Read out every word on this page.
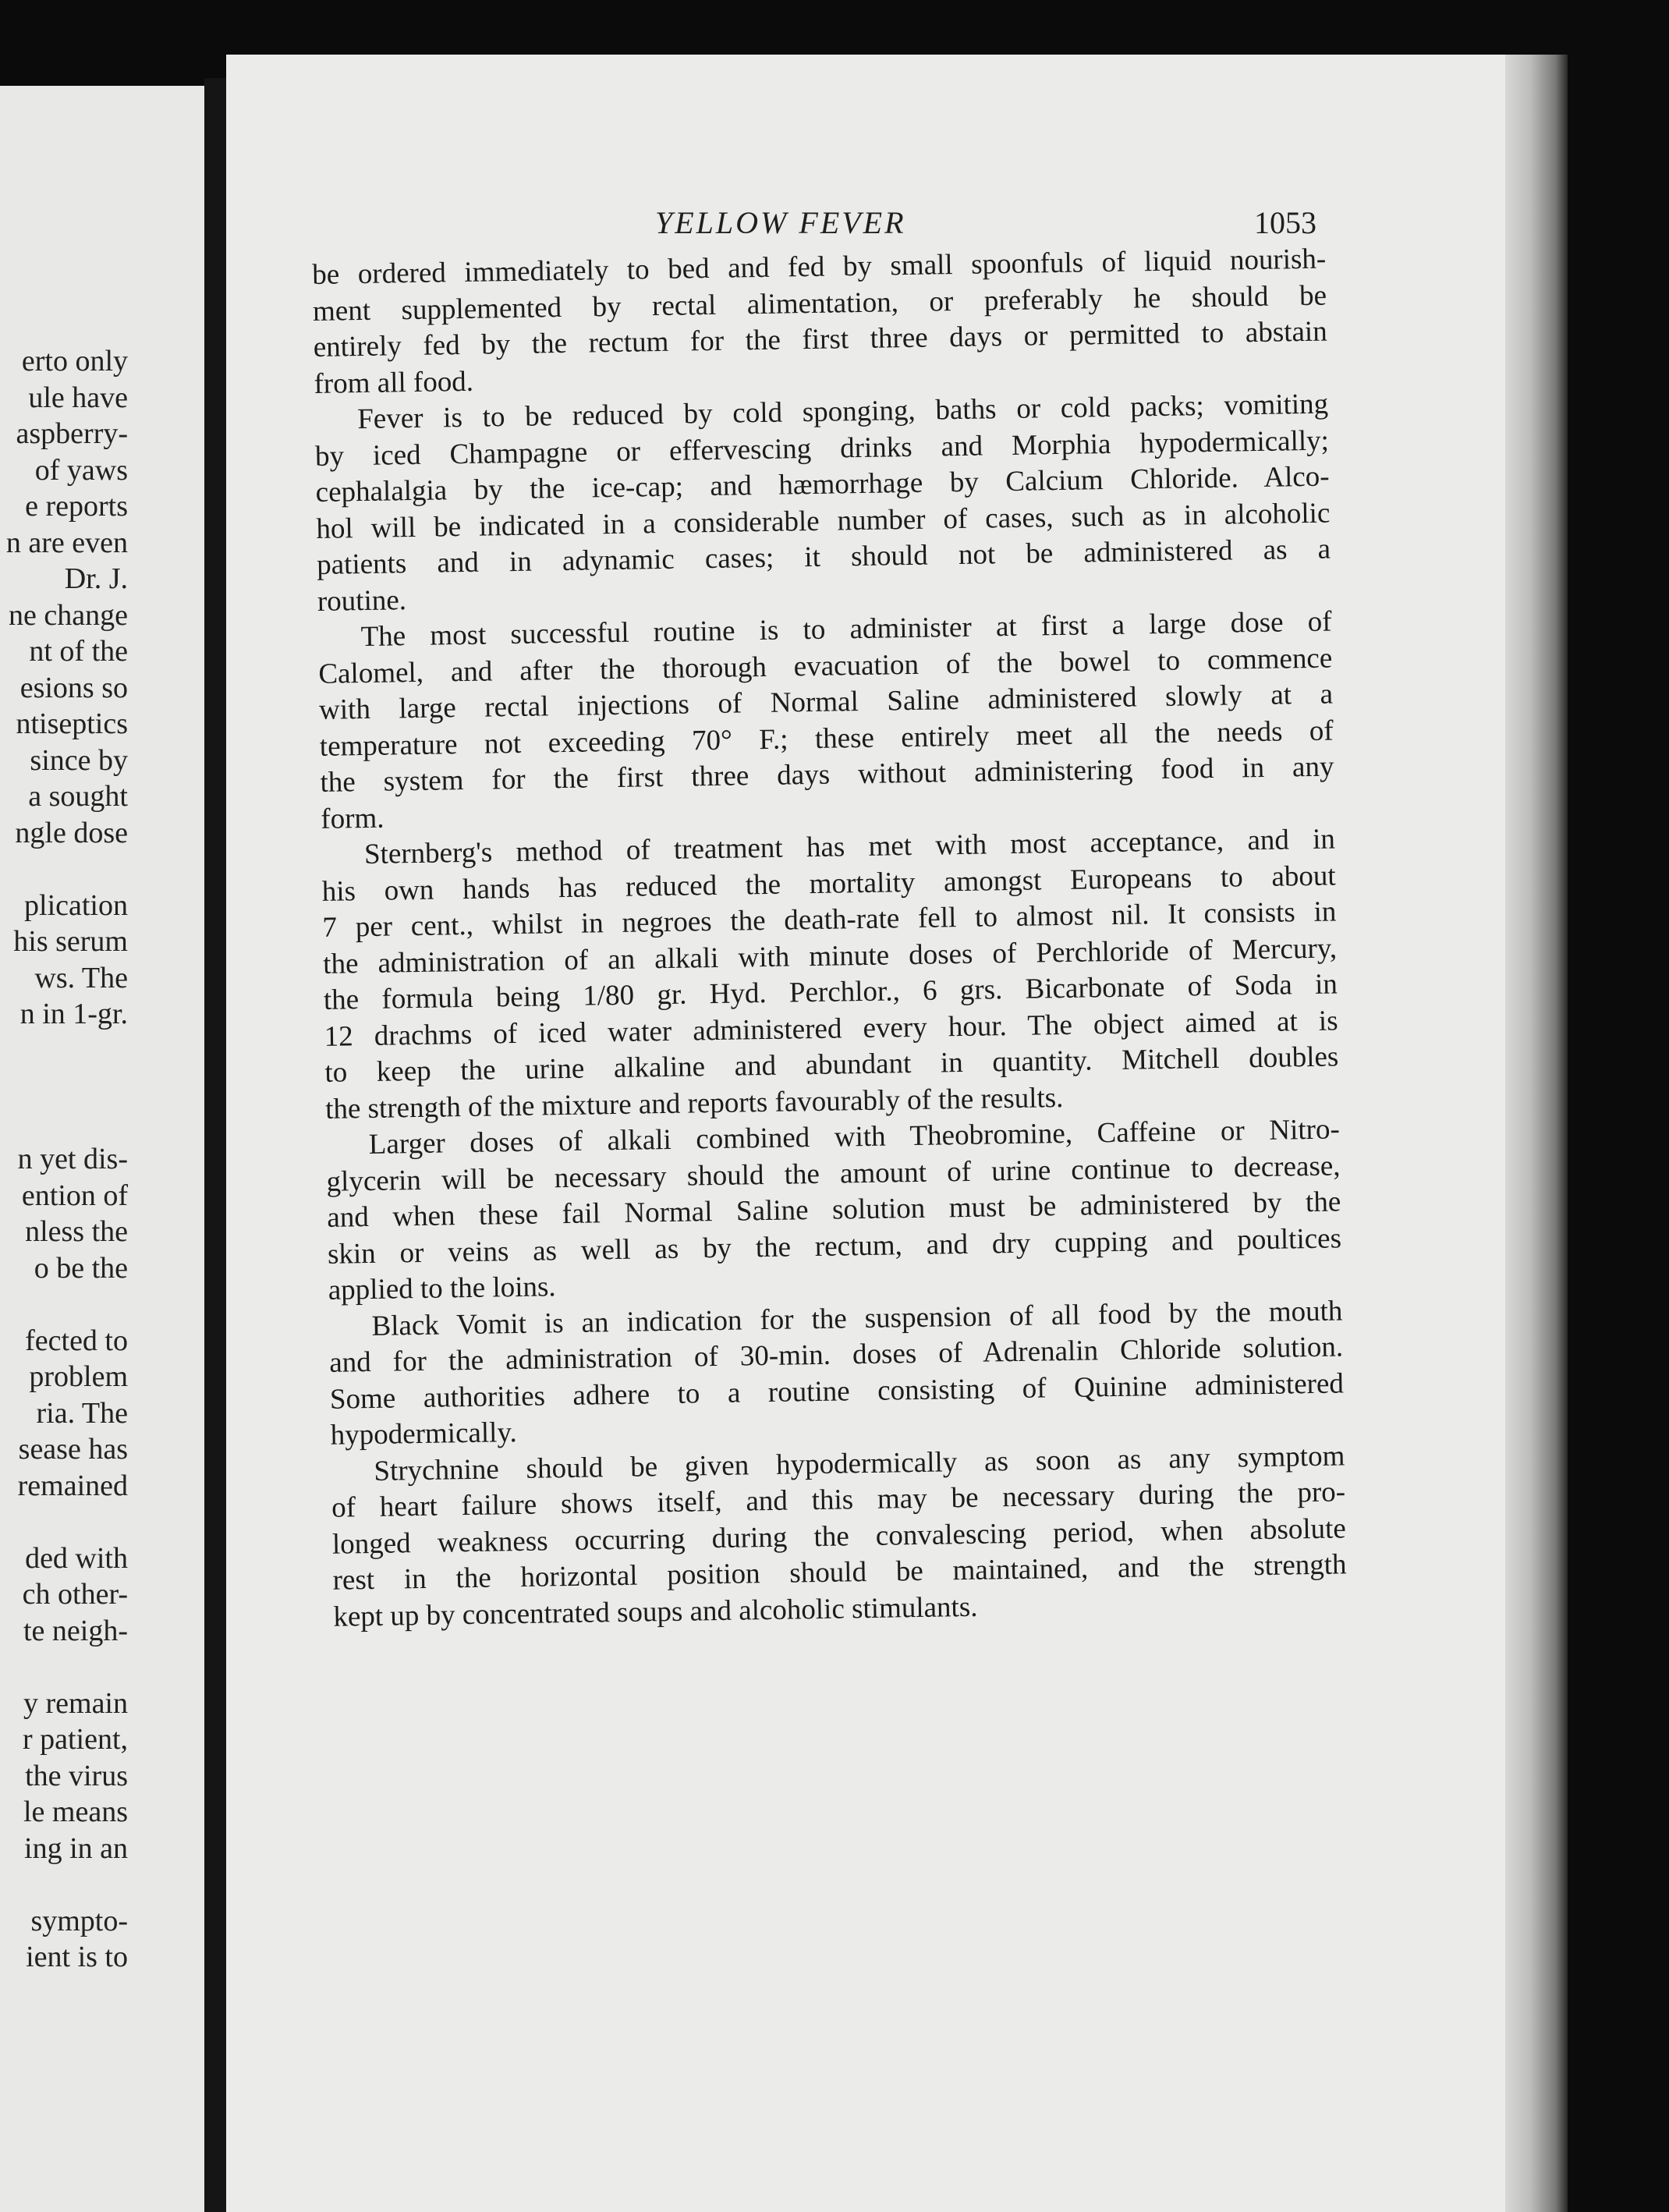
erto only
ule have
aspberry-
of yaws
e reports
n are even
Dr. J.
ne change
nt of the
esions so
ntiseptics
since by
a sought
ngle dose
plication
his serum
ws. The
n in 1-gr.
n yet dis-
ention of
nless the
o be the
fected to
problem
ria. The
sease has
remained
ded with
ch other-
te neigh-
y remain
r patient,
the virus
le means
ing in an
sympto-
ient is to
YELLOW FEVER	1053
be ordered immediately to bed and fed by small spoonfuls of liquid nourish-
ment supplemented by rectal alimentation, or preferably he should be
entirely fed by the rectum for the first three days or permitted to abstain
from all food.
Fever is to be reduced by cold sponging, baths or cold packs; vomiting
by iced Champagne or effervescing drinks and Morphia hypodermically;
cephalalgia by the ice-cap; and hæmorrhage by Calcium Chloride. Alco-
hol will be indicated in a considerable number of cases, such as in alcoholic
patients and in adynamic cases; it should not be administered as a
routine.
The most successful routine is to administer at first a large dose of
Calomel, and after the thorough evacuation of the bowel to commence
with large rectal injections of Normal Saline administered slowly at a
temperature not exceeding 70° F.; these entirely meet all the needs of
the system for the first three days without administering food in any
form.
Sternberg's method of treatment has met with most acceptance, and in
his own hands has reduced the mortality amongst Europeans to about
7 per cent., whilst in negroes the death-rate fell to almost nil. It consists in
the administration of an alkali with minute doses of Perchloride of Mercury,
the formula being 1/80 gr. Hyd. Perchlor., 6 grs. Bicarbonate of Soda in
12 drachms of iced water administered every hour. The object aimed at is
to keep the urine alkaline and abundant in quantity. Mitchell doubles
the strength of the mixture and reports favourably of the results.
Larger doses of alkali combined with Theobromine, Caffeine or Nitro-
glycerin will be necessary should the amount of urine continue to decrease,
and when these fail Normal Saline solution must be administered by the
skin or veins as well as by the rectum, and dry cupping and poultices
applied to the loins.
Black Vomit is an indication for the suspension of all food by the mouth
and for the administration of 30-min. doses of Adrenalin Chloride solution.
Some authorities adhere to a routine consisting of Quinine administered
hypodermically.
Strychnine should be given hypodermically as soon as any symptom
of heart failure shows itself, and this may be necessary during the pro-
longed weakness occurring during the convalescing period, when absolute
rest in the horizontal position should be maintained, and the strength
kept up by concentrated soups and alcoholic stimulants.
